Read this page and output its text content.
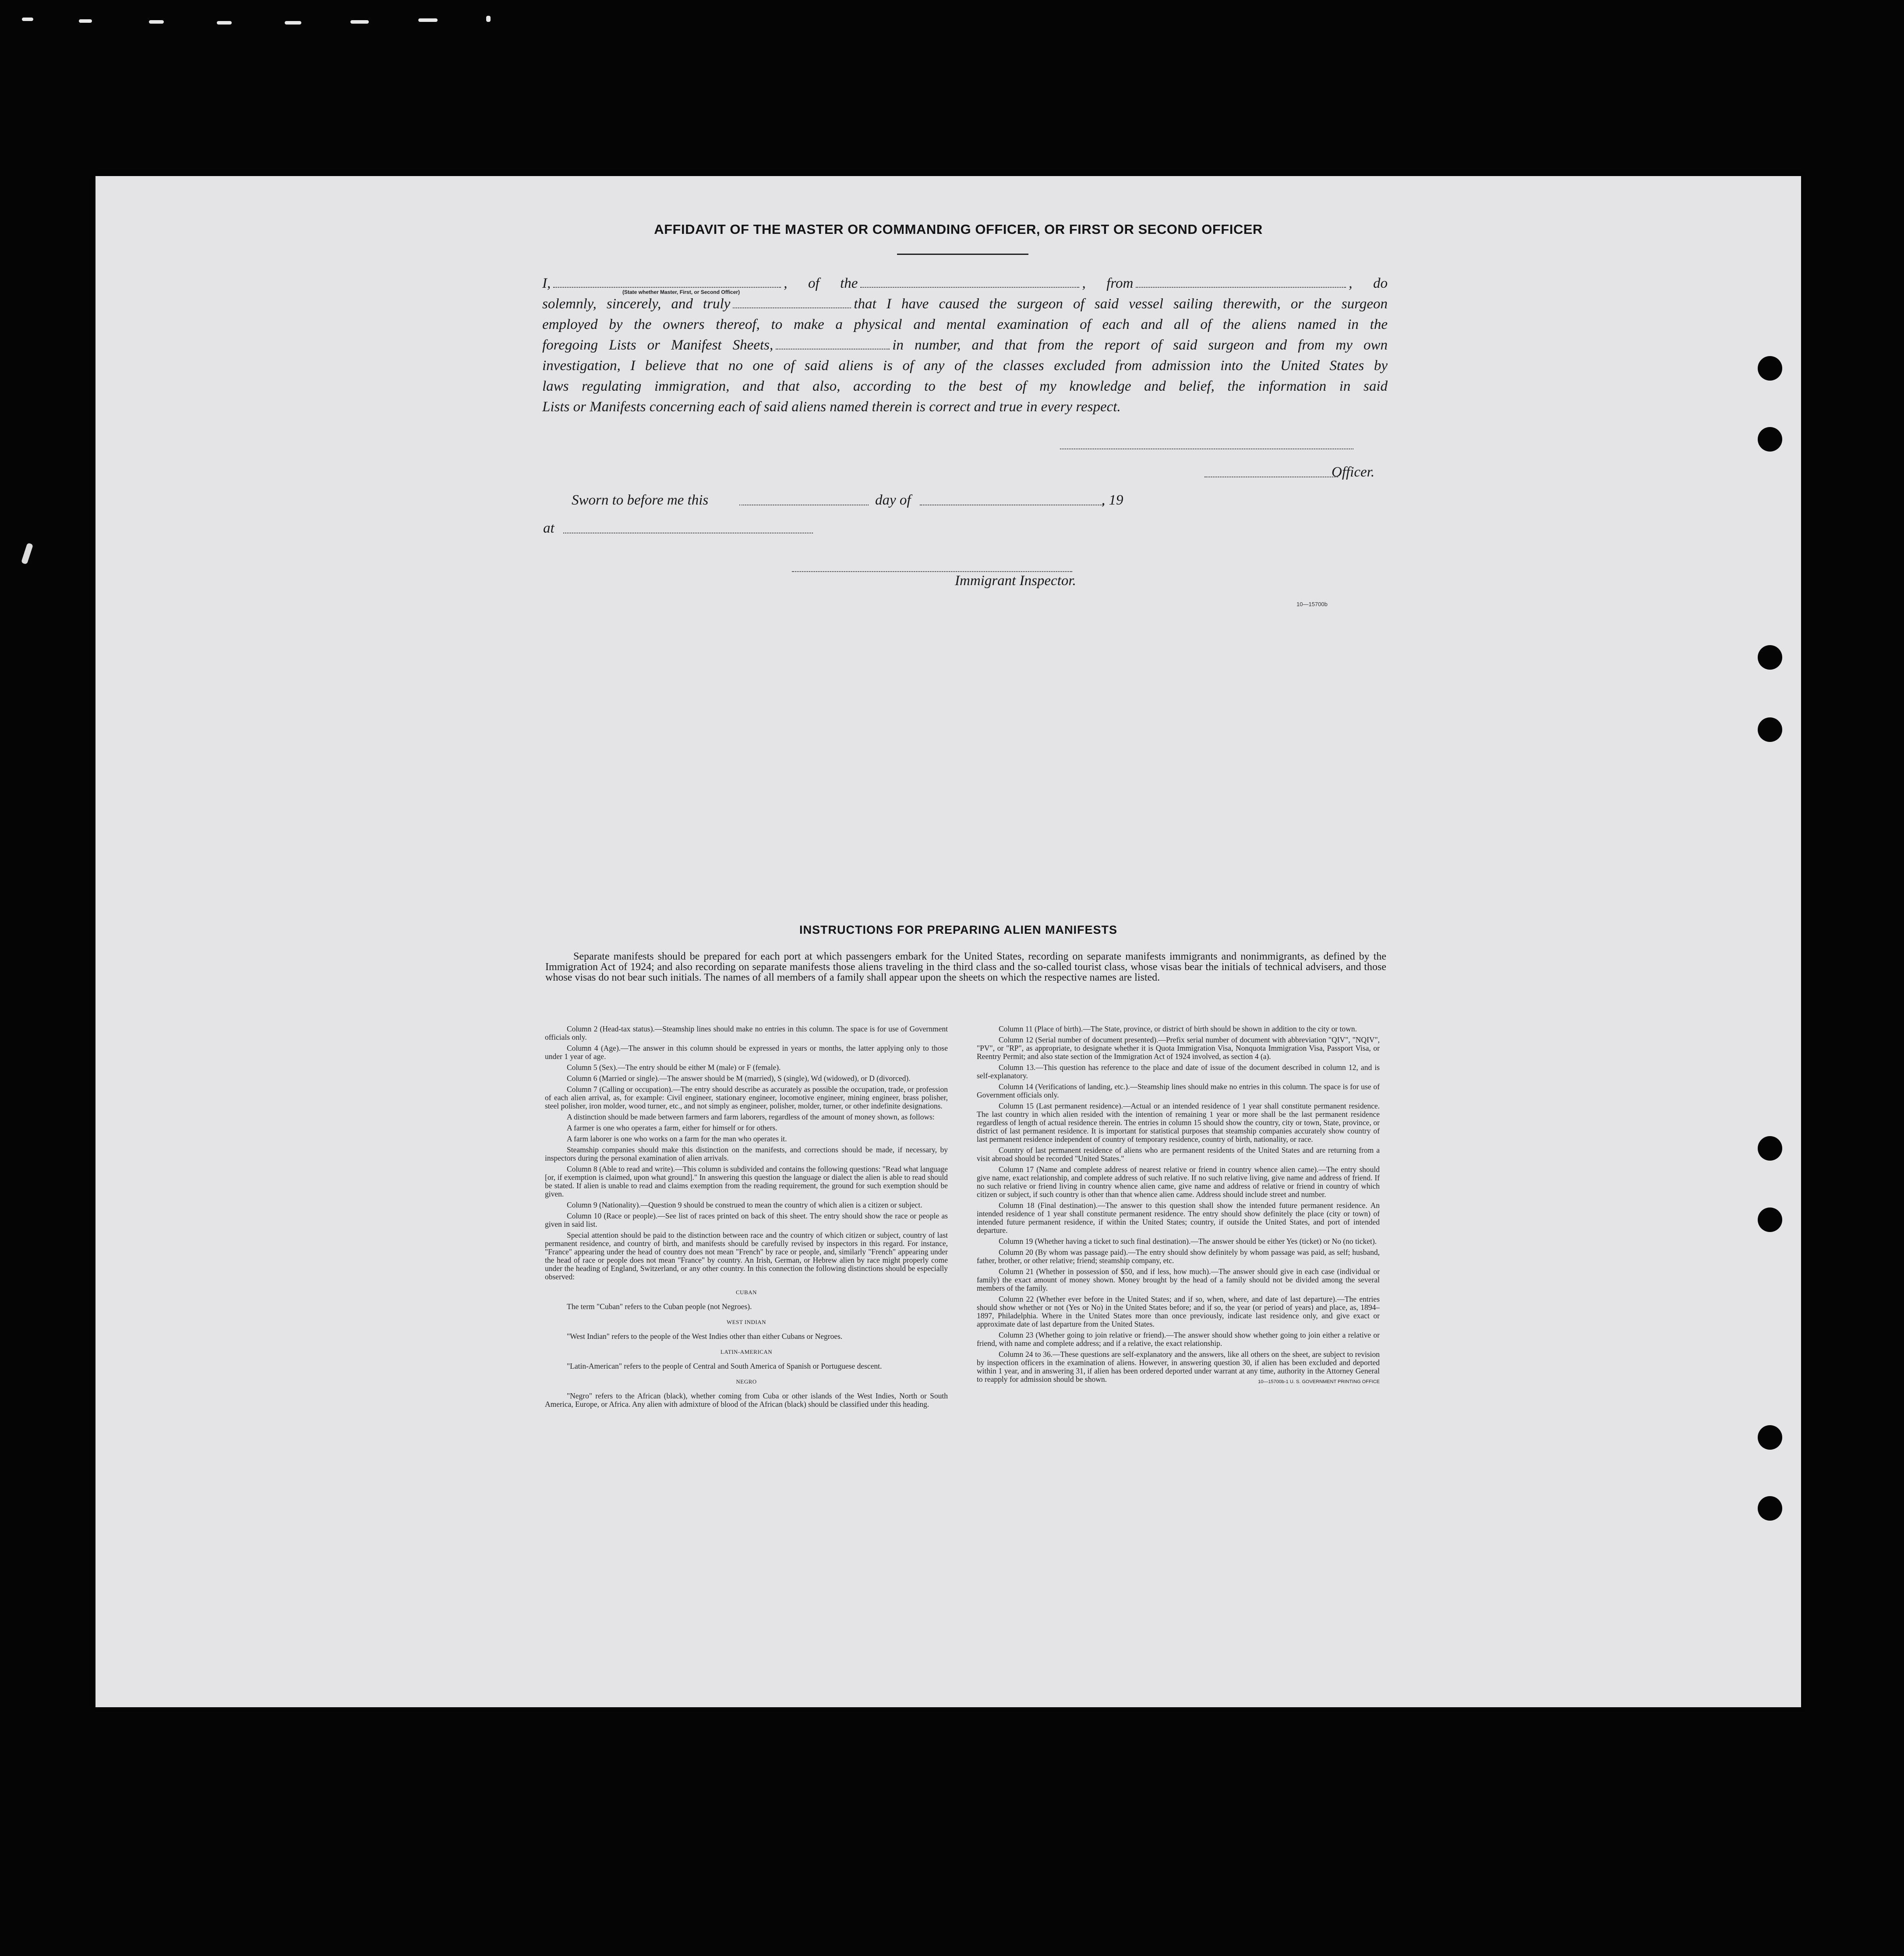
AFFIDAVIT OF THE MASTER OR COMMANDING OFFICER, OR FIRST OR SECOND OFFICER
I,	, of the	, from	, do
solemnly, sincerely, and truly	that I have caused the surgeon of said vessel sailing therewith, or the surgeon
employed by the owners thereof, to make a physical and mental examination of each and all of the aliens named in the
foregoing Lists or Manifest Sheets,	in number, and that from the report of said surgeon and from my own
investigation, I believe that no one of said aliens is of any of the classes excluded from admission into the United States by
laws regulating immigration, and that also, according to the best of my knowledge and belief, the information in said
Lists or Manifests concerning each of said aliens named therein is correct and true in every respect.
(State whether Master, First, or Second Officer)
Officer.
Sworn to before me this	day of	, 19
at
Immigrant Inspector.
10—15700b
INSTRUCTIONS FOR PREPARING ALIEN MANIFESTS
Separate manifests should be prepared for each port at which passengers embark for the United States, recording on separate manifests immigrants and nonimmigrants, as defined by the Immigration Act of 1924; and also recording on separate manifests those aliens traveling in the third class and the so-called tourist class, whose visas bear the initials of technical advisers, and those whose visas do not bear such initials. The names of all members of a family shall appear upon the sheets on which the respective names are listed.

Column 2 (Head-tax status).—Steamship lines should make no entries in this column. The space is for use of Government officials only.

Column 4 (Age).—The answer in this column should be expressed in years or months, the latter applying only to those under 1 year of age.

Column 5 (Sex).—The entry should be either M (male) or F (female).

Column 6 (Married or single).—The answer should be M (married), S (single), Wd (widowed), or D (divorced).

Column 7 (Calling or occupation).—The entry should describe as accurately as possible the occupation, trade, or profession of each alien arrival, as, for example: Civil engineer, stationary engineer, locomotive engineer, mining engineer, brass polisher, steel polisher, iron molder, wood turner, etc., and not simply as engineer, polisher, molder, turner, or other indefinite designations.

A distinction should be made between farmers and farm laborers, regardless of the amount of money shown, as follows:

A farmer is one who operates a farm, either for himself or for others.

A farm laborer is one who works on a farm for the man who operates it.

Steamship companies should make this distinction on the manifests, and corrections should be made, if necessary, by inspectors during the personal examination of alien arrivals.

Column 8 (Able to read and write).—This column is subdivided and contains the following questions: "Read what language [or, if exemption is claimed, upon what ground]." In answering this question the language or dialect the alien is able to read should be stated. If alien is unable to read and claims exemption from the reading requirement, the ground for such exemption should be given.

Column 9 (Nationality).—Question 9 should be construed to mean the country of which alien is a citizen or subject.

Column 10 (Race or people).—See list of races printed on back of this sheet. The entry should show the race or people as given in said list.

Special attention should be paid to the distinction between race and the country of which citizen or subject, country of last permanent residence, and country of birth, and manifests should be carefully revised by inspectors in this regard. For instance, "France" appearing under the head of country does not mean "French" by race or people, and, similarly "French" appearing under the head of race or people does not mean "France" by country. An Irish, German, or Hebrew alien by race might properly come under the heading of England, Switzerland, or any other country. In this connection the following distinctions should be especially observed:

CUBAN

The term "Cuban" refers to the Cuban people (not Negroes).

WEST INDIAN

"West Indian" refers to the people of the West Indies other than either Cubans or Negroes.

LATIN-AMERICAN

"Latin-American" refers to the people of Central and South America of Spanish or Portuguese descent.

NEGRO

"Negro" refers to the African (black), whether coming from Cuba or other islands of the West Indies, North or South America, Europe, or Africa. Any alien with admixture of blood of the African (black) should be classified under this heading.

Column 11 (Place of birth).—The State, province, or district of birth should be shown in addition to the city or town.

Column 12 (Serial number of document presented).—Prefix serial number of document with abbreviation "QIV", "NQIV", "PV", or "RP", as appropriate, to designate whether it is Quota Immigration Visa, Nonquota Immigration Visa, Passport Visa, or Reentry Permit; and also state section of the Immigration Act of 1924 involved, as section 4 (a).

Column 13.—This question has reference to the place and date of issue of the document described in column 12, and is self-explanatory.

Column 14 (Verifications of landing, etc.).—Steamship lines should make no entries in this column. The space is for use of Government officials only.

Column 15 (Last permanent residence).—Actual or an intended residence of 1 year shall constitute permanent residence. The last country in which alien resided with the intention of remaining 1 year or more shall be the last permanent residence regardless of length of actual residence therein. The entries in column 15 should show the country, city or town, State, province, or district of last permanent residence. It is important for statistical purposes that steamship companies accurately show country of last permanent residence independent of country of temporary residence, country of birth, nationality, or race.

Country of last permanent residence of aliens who are permanent residents of the United States and are returning from a visit abroad should be recorded "United States."

Column 17 (Name and complete address of nearest relative or friend in country whence alien came).—The entry should give name, exact relationship, and complete address of such relative. If no such relative living, give name and address of friend. If no such relative or friend living in country whence alien came, give name and address of relative or friend in country of which citizen or subject, if such country is other than that whence alien came. Address should include street and number.

Column 18 (Final destination).—The answer to this question shall show the intended future permanent residence. An intended residence of 1 year shall constitute permanent residence. The entry should show definitely the place (city or town) of intended future permanent residence, if within the United States; country, if outside the United States, and port of intended departure.

Column 19 (Whether having a ticket to such final destination).—The answer should be either Yes (ticket) or No (no ticket).

Column 20 (By whom was passage paid).—The entry should show definitely by whom passage was paid, as self; husband, father, brother, or other relative; friend; steamship company, etc.

Column 21 (Whether in possession of $50, and if less, how much).—The answer should give in each case (individual or family) the exact amount of money shown. Money brought by the head of a family should not be divided among the several members of the family.

Column 22 (Whether ever before in the United States; and if so, when, where, and date of last departure).—The entries should show whether or not (Yes or No) in the United States before; and if so, the year (or period of years) and place, as, 1894–1897, Philadelphia. Where in the United States more than once previously, indicate last residence only, and give exact or approximate date of last departure from the United States.

Column 23 (Whether going to join relative or friend).—The answer should show whether going to join either a relative or friend, with name and complete address; and if a relative, the exact relationship.

Column 24 to 36.—These questions are self-explanatory and the answers, like all others on the sheet, are subject to revision by inspection officers in the examination of aliens. However, in answering question 30, if alien has been excluded and deported within 1 year, and in answering 31, if alien has been ordered deported under warrant at any time, authority in the Attorney General to reapply for admission should be shown.	10—15700b-1 U. S. GOVERNMENT PRINTING OFFICE
